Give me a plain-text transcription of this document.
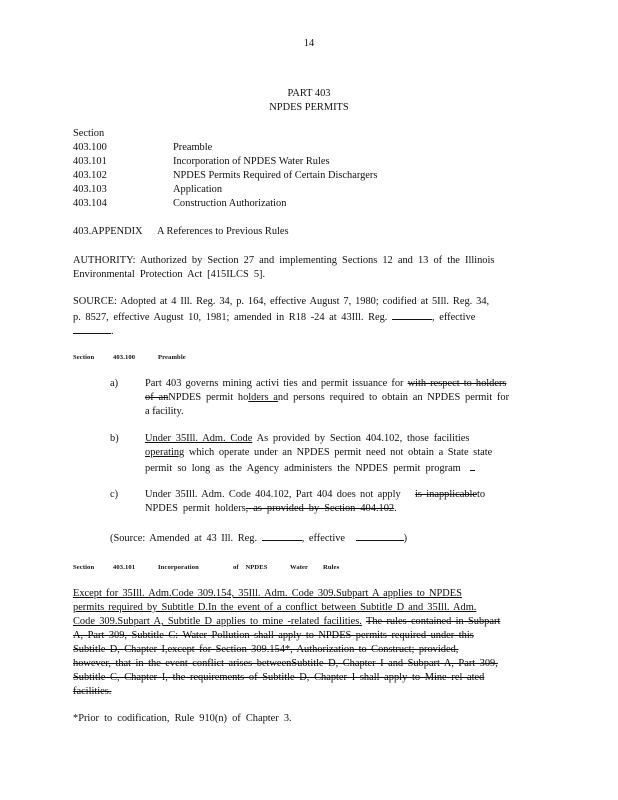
14
PART 403
NPDES PERMITS
Section
403.100	Preamble
403.101	Incorporation of NPDES Water Rules
403.102	NPDES Permits Required of Certain Dischargers
403.103	Application
403.104	Construction Authorization
403.APPENDIX A References to Previous Rules
AUTHORITY: Authorized by Section 27 and implementing Sections 12 and 13 of the Illinois
Environmental Protection Act [415ILCS 5].
SOURCE: Adopted at 4 Ill. Reg. 34, p. 164, effective August 7, 1980; codified at 5Ill. Reg. 34,
p. 8527, effective August 10, 1981; amended in R18 -24 at 43Ill. Reg.	, effective
.
Section	403.100	Preamble
a)	Part 403 governs mining activi ties and permit issuance for with respect to holders
of anNPDES permit holders and persons required to obtain an NPDES permit for
a facility.
b)	Under 35Ill. Adm. Code As provided by Section 404.102, those facilities
operating which operate under an NPDES permit need not obtain a State state
permit so long as the Agency administers the NPDES permit program
c)	Under 35Ill. Adm. Code 404.102, Part 404 does not apply is inapplicableto
NPDES permit holders, as provided by Section 404.102.
(Source: Amended at 43 Ill. Reg.	, effective	)
Section	403.101	Incorporation	of NPDES	Water Rules
Except for 35Ill. Adm.Code 309.154, 35Ill. Adm. Code 309.Subpart A applies to NPDES
permits required by Subtitle D.In the event of a conflict between Subtitle D and 35Ill. Adm.
Code 309.Subpart A, Subtitle D applies to mine -related facilities. The rules contained in Subpart
A, Part 309, Subtitle C: Water Pollution shall apply to NPDES permits required under this
Subtitle D, Chapter I,except for Section 309.154*, Authorization to Construct; provided,
however, that in the event conflict arises betweenSubtitle D, Chapter I and Subpart A, Part 309,
Subtitle C, Chapter I, the requirements of Subtitle D, Chapter I shall apply to Mine rel ated
facilities.
*Prior to codification, Rule 910(n) of Chapter 3.
